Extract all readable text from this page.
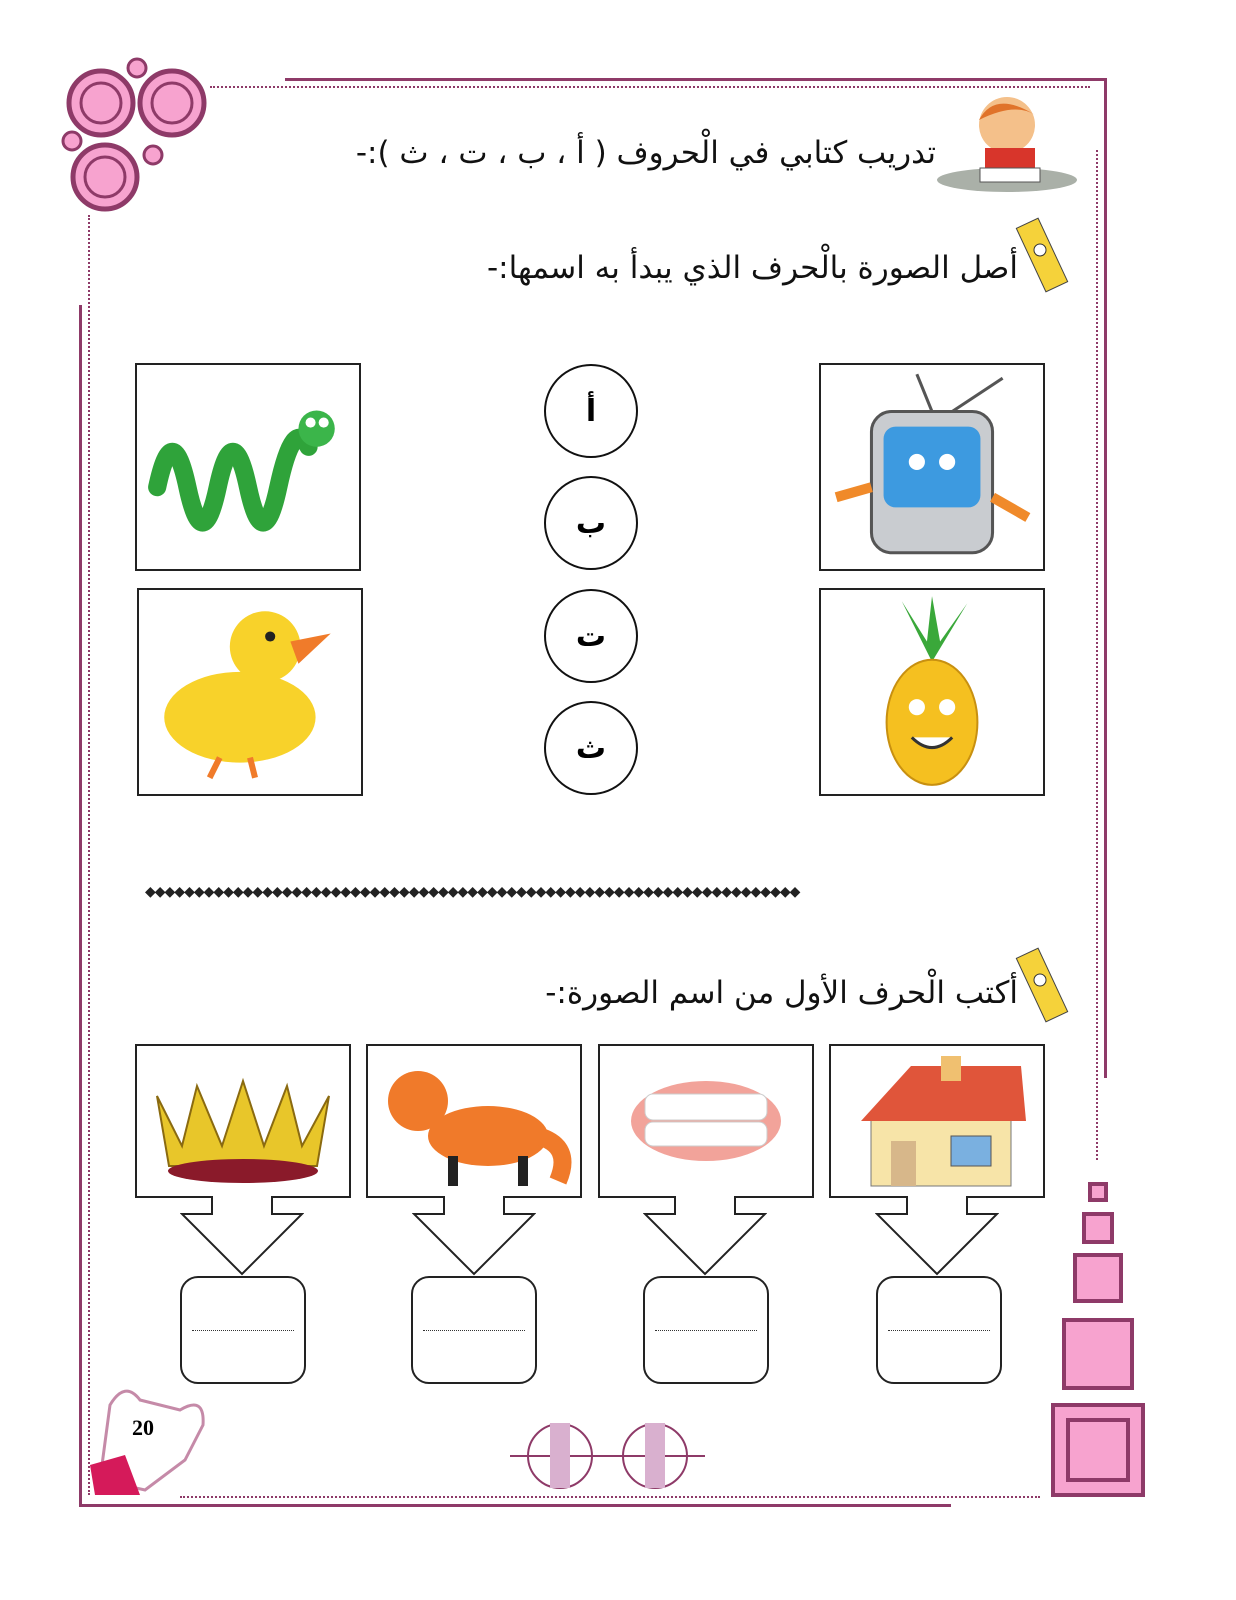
تدريب كتابي في الْحروف ( أ ، ب ، ت ، ث ):-
أصل الصورة بالْحرف الذي يبدأ به اسمها:-
أ
ب
ت
ث
◆◆◆◆◆◆◆◆◆◆◆◆◆◆◆◆◆◆◆◆◆◆◆◆◆◆◆◆◆◆◆◆◆◆◆◆◆◆◆◆◆◆◆◆◆◆◆◆◆◆◆◆◆◆◆◆◆◆◆◆◆◆◆◆◆◆◆
أكتب الْحرف الأول من اسم الصورة:-
20
